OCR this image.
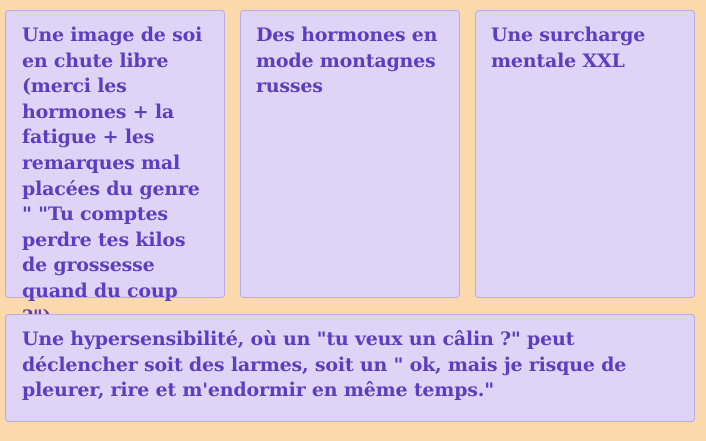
Une image de soi en chute libre (merci les hormones + la fatigue + les remarques mal placées du genre " "Tu comptes perdre tes kilos de grossesse quand du coup
Des hormones en mode montagnes russes
Une surcharge mentale XXL
Une hypersensibilité, où un "tu veux un câlin ?" peut déclencher soit des larmes, soit un " ok, mais je risque de pleurer, rire et m'endormir en même temps."
